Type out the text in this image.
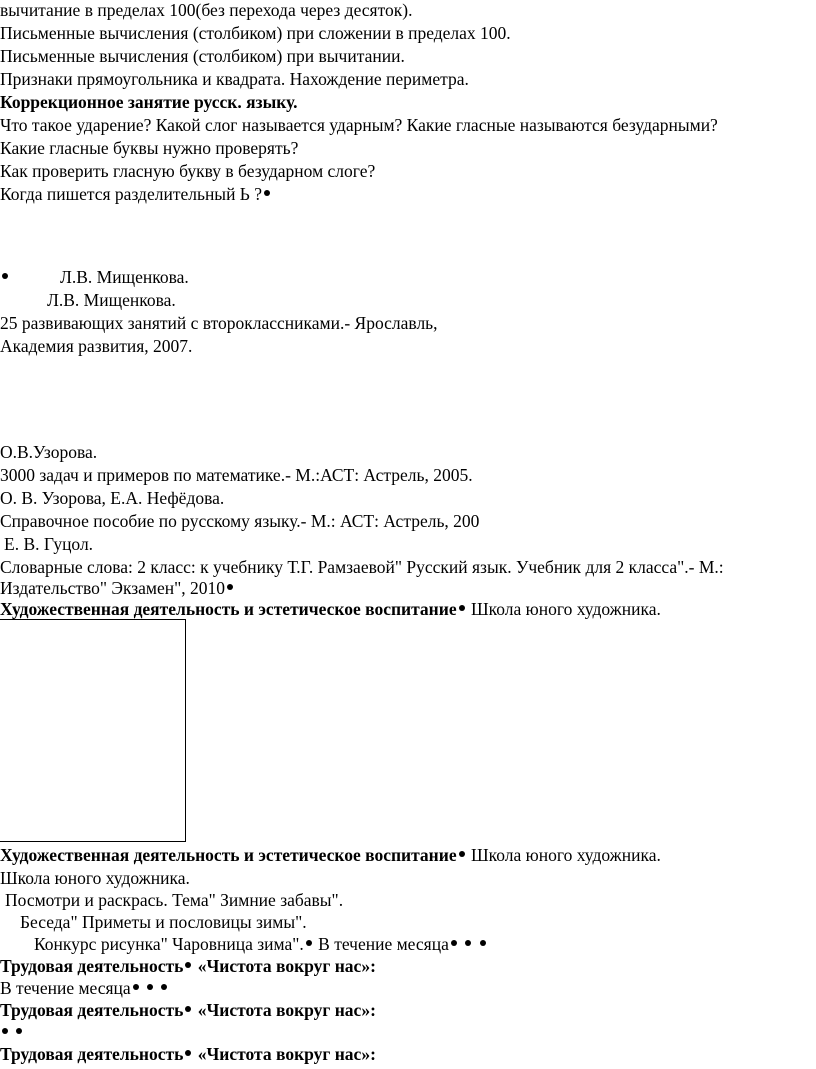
вычитание в пределах 100(без перехода через десяток).
Письменные вычисления (столбиком) при сложении в пределах 100.
Письменные вычисления (столбиком) при вычитании.
Признаки прямоугольника и квадрата. Нахождение периметра.
Коррекционное занятие русск. языку.
Что такое ударение? Какой слог называется ударным? Какие гласные называются безударными?
Какие гласные буквы нужно проверять?
Как проверить гласную букву в безударном слоге?
Когда пишется разделительный Ь ?
Л.В. Мищенкова.
Л.В. Мищенкова.
25 развивающих занятий с второклассниками.- Ярославль,
Академия развития, 2007.
О.В.Узорова.
3000 задач и примеров по математике.- М.:АСТ: Астрель, 2005.
О. В. Узорова, Е.А. Нефёдова.
Справочное пособие по русскому языку.- М.: АСТ: Астрель, 200
Е. В. Гуцол.
Словарные слова: 2 класс: к учебнику Т.Г. Рамзаевой" Русский язык. Учебник для 2 класса".- М.:
Издательство" Экзамен", 2010
Художественная деятельность и эстетическое воспитание Школа юного художника.
Художественная деятельность и эстетическое воспитание Школа юного художника.
Школа юного художника.
Посмотри и раскрась. Тема" Зимние забавы".
Беседа" Приметы и пословицы зимы".
Конкурс рисунка" Чаровница зима". В течение месяца
Трудовая деятельность «Чистота вокруг нас»:
В течение месяца
Трудовая деятельность «Чистота вокруг нас»:

Трудовая деятельность «Чистота вокруг нас»:
